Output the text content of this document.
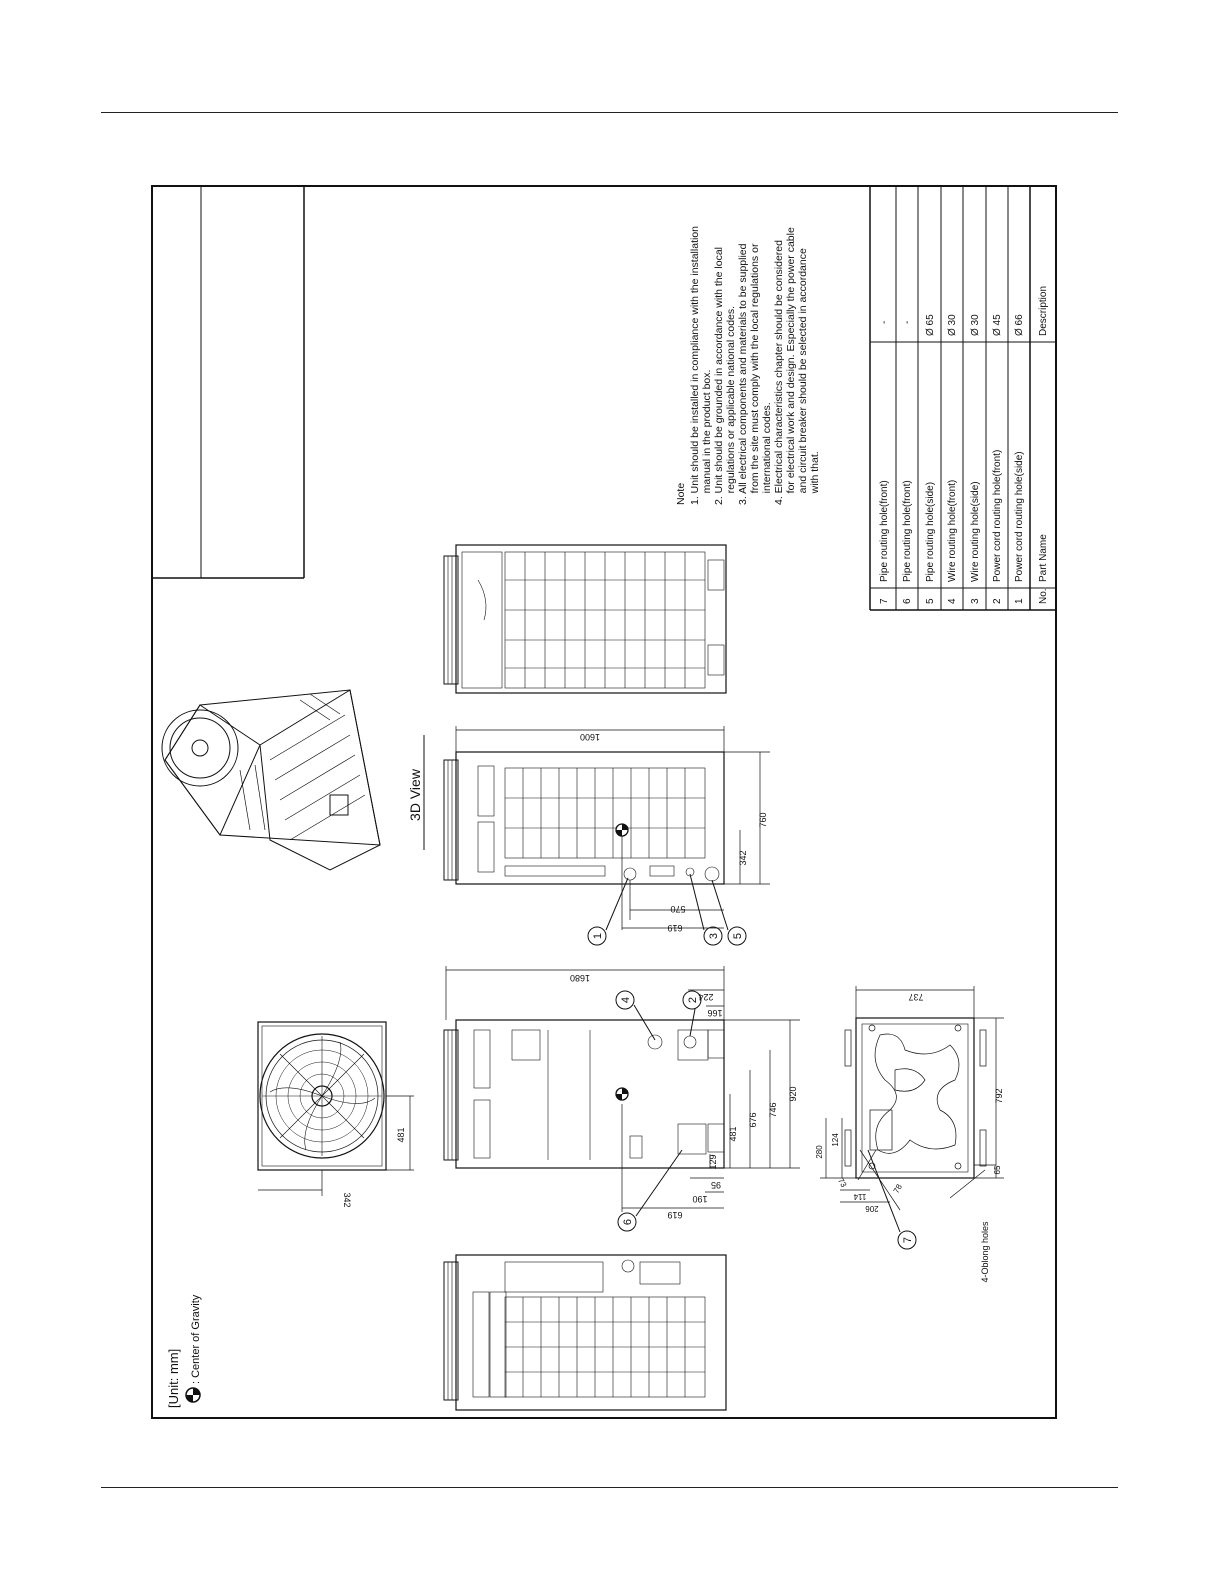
[Unit: mm] : Center of Gravity
3D View
481
342
1680
224
166
920
746
676
481
129
95
190
619
1600
760
342
570
619
737
792
65
280
124
114
73	78
206
4-Oblong holes
1
2
3
4
5
6
7
Note 1. Unit should be installed in compliance with the installation manual in the product box. 2. Unit should be grounded in accordance with the local regulations or applicable national codes. 3. All electrical components and materials to be supplied from the site must comply with the local regulations or international codes. 4. Electrical characteristics chapter should be considered for electrical work and design. Especially the power cable and circuit breaker should be selected in accordance with that.
7
Pipe routing hole(front)
-
6
Pipe routing hole(front)
-
5
Pipe routing hole(side)
Ø 65
4
Wire routing hole(front)
Ø 30
3
Wire routing hole(side)
Ø 30
2
Power cord routing hole(front)
Ø 45
1
Power cord routing hole(side)
Ø 66
No.
Part Name
Description
